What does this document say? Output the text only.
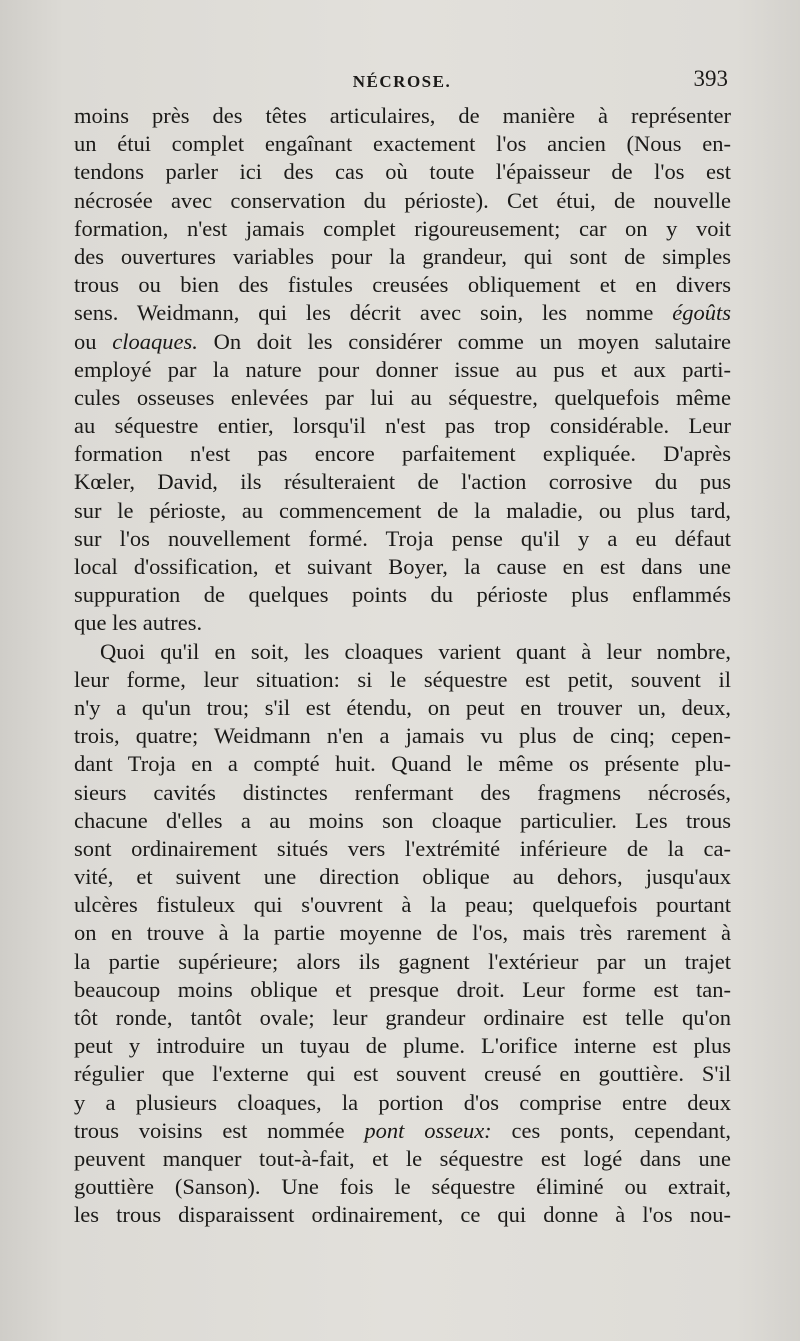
NÉCROSE.	393
moins près des têtes articulaires, de manière à représenter
un étui complet engaînant exactement l'os ancien (Nous en-
tendons parler ici des cas où toute l'épaisseur de l'os est
nécrosée avec conservation du périoste). Cet étui, de nouvelle
formation, n'est jamais complet rigoureusement; car on y voit
des ouvertures variables pour la grandeur, qui sont de simples
trous ou bien des fistules creusées obliquement et en divers
sens. Weidmann, qui les décrit avec soin, les nomme égoûts
ou cloaques. On doit les considérer comme un moyen salutaire
employé par la nature pour donner issue au pus et aux parti-
cules osseuses enlevées par lui au séquestre, quelquefois même
au séquestre entier, lorsqu'il n'est pas trop considérable. Leur
formation n'est pas encore parfaitement expliquée. D'après
Kœler, David, ils résulteraient de l'action corrosive du pus
sur le périoste, au commencement de la maladie, ou plus tard,
sur l'os nouvellement formé. Troja pense qu'il y a eu défaut
local d'ossification, et suivant Boyer, la cause en est dans une
suppuration de quelques points du périoste plus enflammés
que les autres.
Quoi qu'il en soit, les cloaques varient quant à leur nombre,
leur forme, leur situation: si le séquestre est petit, souvent il
n'y a qu'un trou; s'il est étendu, on peut en trouver un, deux,
trois, quatre; Weidmann n'en a jamais vu plus de cinq; cepen-
dant Troja en a compté huit. Quand le même os présente plu-
sieurs cavités distinctes renfermant des fragmens nécrosés,
chacune d'elles a au moins son cloaque particulier. Les trous
sont ordinairement situés vers l'extrémité inférieure de la ca-
vité, et suivent une direction oblique au dehors, jusqu'aux
ulcères fistuleux qui s'ouvrent à la peau; quelquefois pourtant
on en trouve à la partie moyenne de l'os, mais très rarement à
la partie supérieure; alors ils gagnent l'extérieur par un trajet
beaucoup moins oblique et presque droit. Leur forme est tan-
tôt ronde, tantôt ovale; leur grandeur ordinaire est telle qu'on
peut y introduire un tuyau de plume. L'orifice interne est plus
régulier que l'externe qui est souvent creusé en gouttière. S'il
y a plusieurs cloaques, la portion d'os comprise entre deux
trous voisins est nommée pont osseux: ces ponts, cependant,
peuvent manquer tout-à-fait, et le séquestre est logé dans une
gouttière (Sanson). Une fois le séquestre éliminé ou extrait,
les trous disparaissent ordinairement, ce qui donne à l'os nou-
